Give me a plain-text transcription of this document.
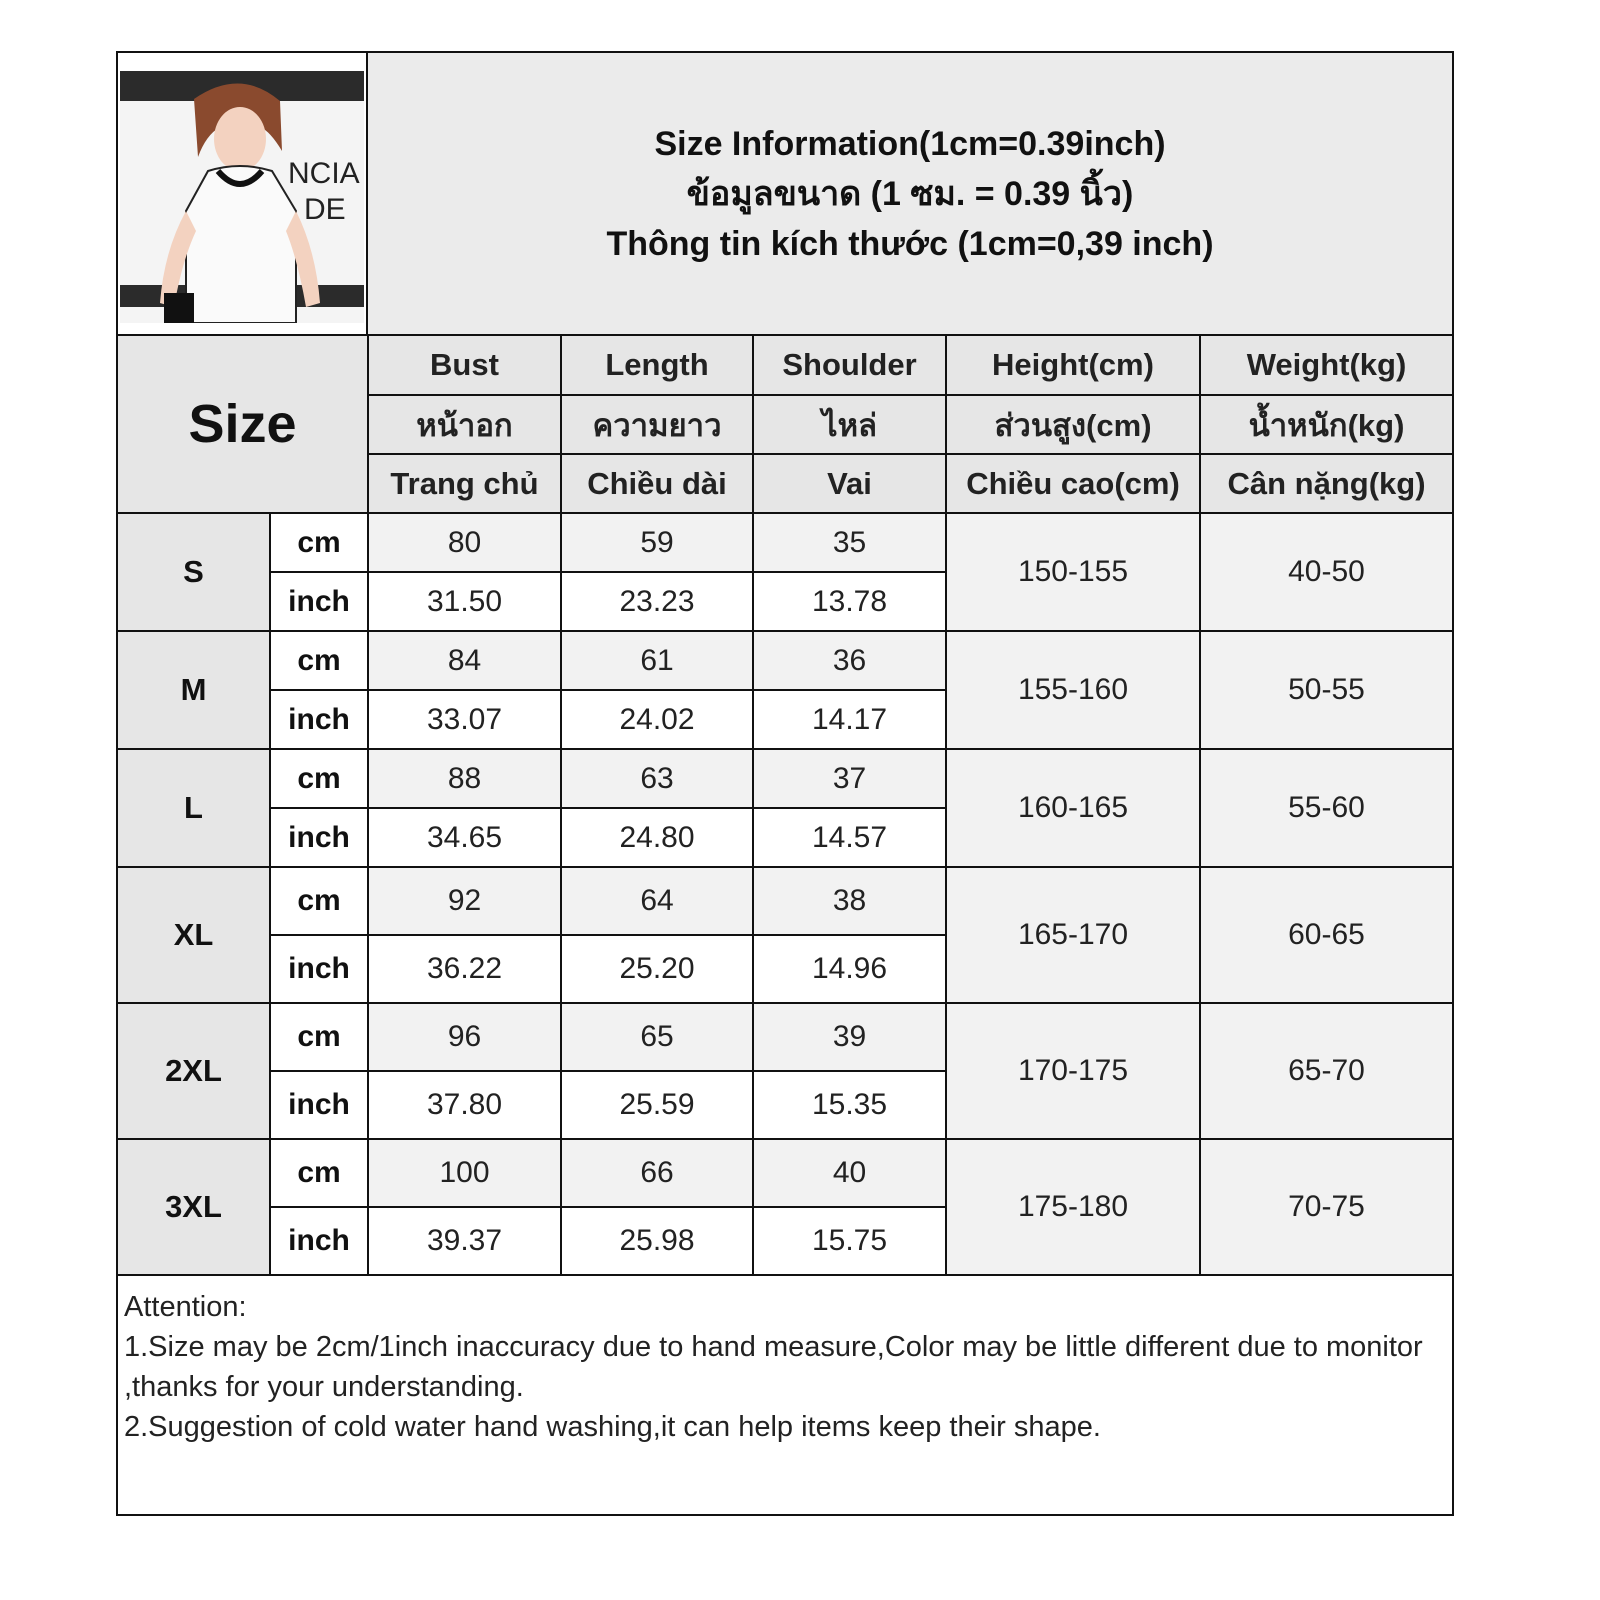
NCIA
DE
Size Information(1cm=0.39inch)
ข้อมูลขนาด (1 ซม. = 0.39 นิ้ว)
Thông tin kích thước (1cm=0,39 inch)
Size		Bust	Length	Shoulder	Height(cm)	Weight(kg)
		หน้าอก	ความยาว	ไหล่	ส่วนสูง(cm)	น้ำหนัก(kg)
		Trang chủ	Chiều dài	Vai	Chiều cao(cm)	Cân nặng(kg)
S	cm	80	59	35	150-155	40-50
	inch	31.50	23.23	13.78		
M	cm	84	61	36	155-160	50-55
	inch	33.07	24.02	14.17		
L	cm	88	63	37	160-165	55-60
	inch	34.65	24.80	14.57		
XL	cm	92	64	38	165-170	60-65
	inch	36.22	25.20	14.96		
2XL	cm	96	65	39	170-175	65-70
	inch	37.80	25.59	15.35		
3XL	cm	100	66	40	175-180	70-75
	inch	39.37	25.98	15.75		
Attention:
1.Size may be 2cm/1inch inaccuracy due to hand measure,Color may be little different due to monitor ,thanks for your understanding.
2.Suggestion of cold water hand washing,it can help items keep their shape.
